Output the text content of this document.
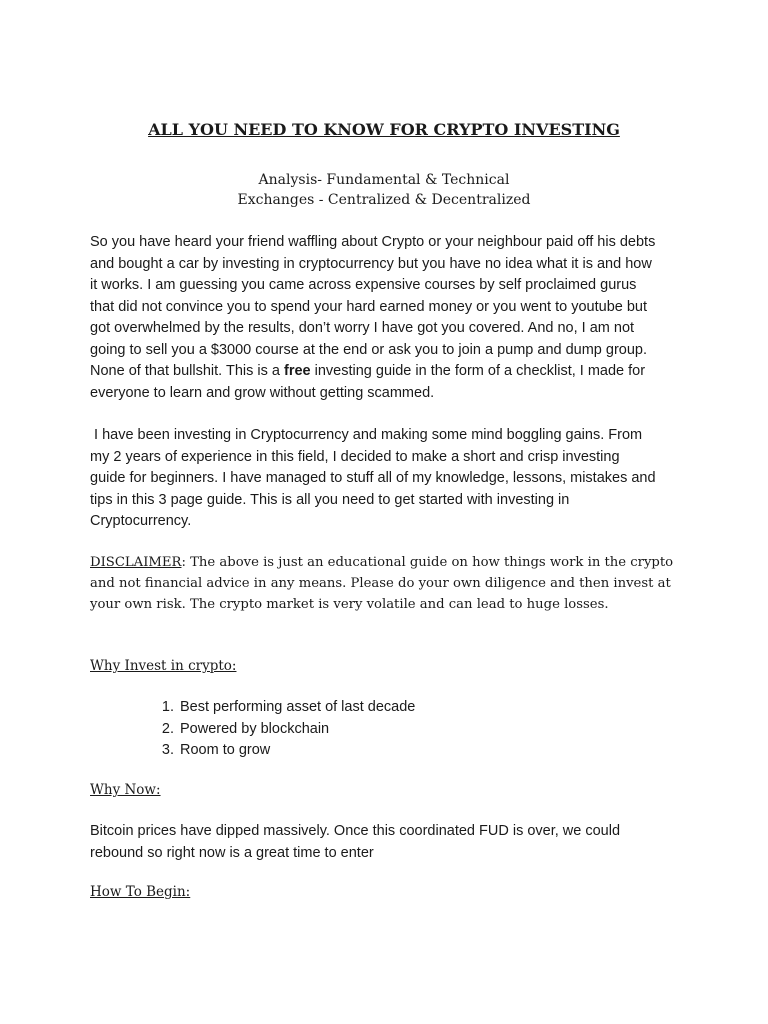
ALL YOU NEED TO KNOW FOR CRYPTO INVESTING
Analysis- Fundamental & Technical
Exchanges - Centralized & Decentralized
So you have heard your friend waffling about Crypto or your neighbour paid off his debts
and bought a car by investing in cryptocurrency but you have no idea what it is and how
it works. I am guessing you came across expensive courses by self proclaimed gurus
that did not convince you to spend your hard earned money or you went to youtube but
got overwhelmed by the results, don’t worry I have got you covered. And no, I am not
going to sell you a $3000 course at the end or ask you to join a pump and dump group.
None of that bullshit. This is a free investing guide in the form of a checklist, I made for
everyone to learn and grow without getting scammed.
I have been investing in Cryptocurrency and making some mind boggling gains. From
my 2 years of experience in this field, I decided to make a short and crisp investing
guide for beginners. I have managed to stuff all of my knowledge, lessons, mistakes and
tips in this 3 page guide. This is all you need to get started with investing in
Cryptocurrency.
DISCLAIMER: The above is just an educational guide on how things work in the crypto
and not financial advice in any means. Please do your own diligence and then invest at
your own risk. The crypto market is very volatile and can lead to huge losses.
Why Invest in crypto:
1. Best performing asset of last decade
2. Powered by blockchain
3. Room to grow
Why Now:
Bitcoin prices have dipped massively. Once this coordinated FUD is over, we could
rebound so right now is a great time to enter
How To Begin:
